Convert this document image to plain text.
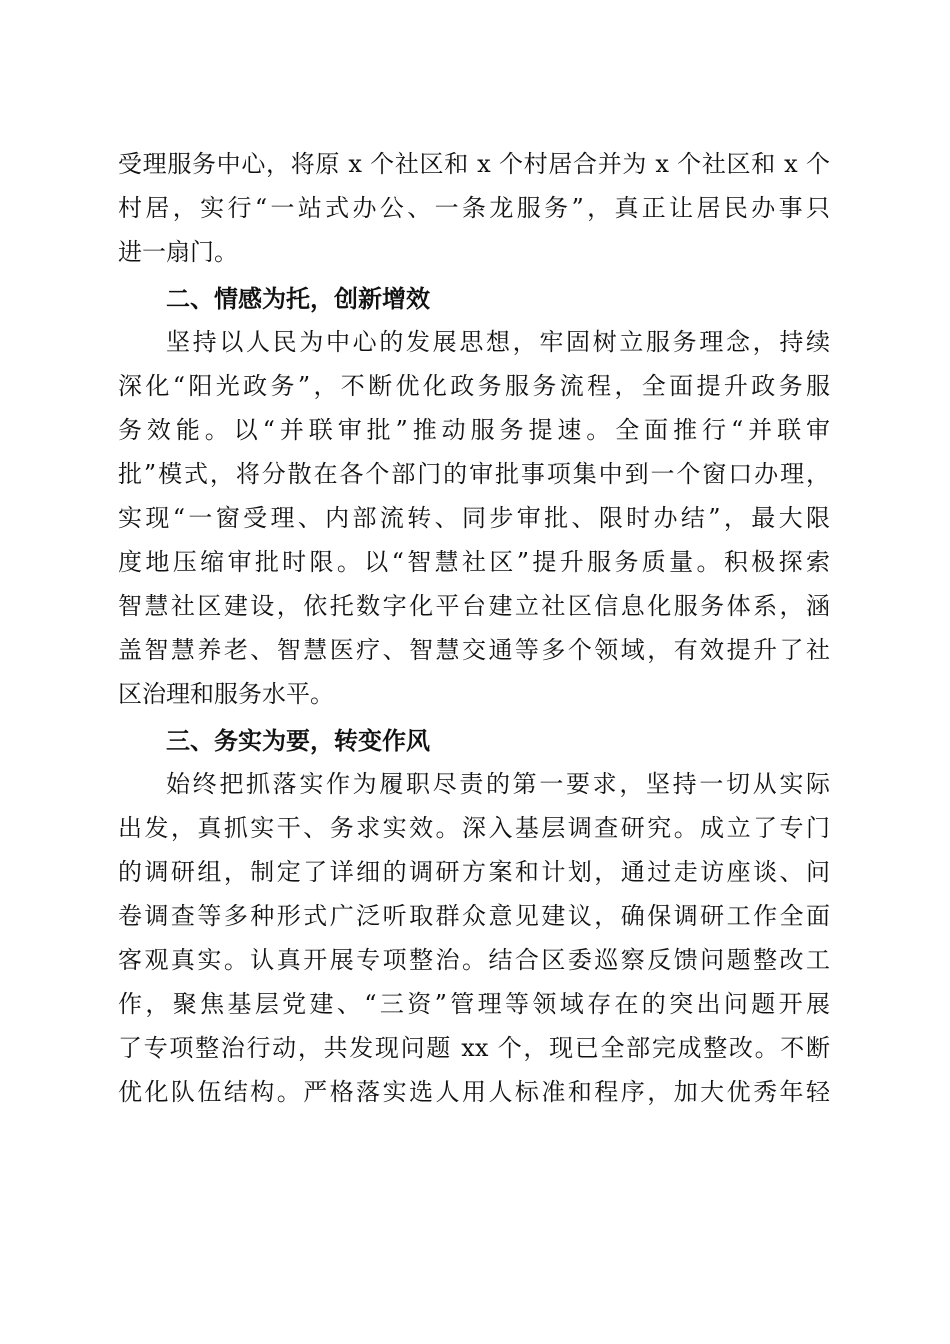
受理服务中心，将原 x 个社区和 x 个村居合并为 x 个社区和 x 个
村居，实行“一站式办公、一条龙服务”，真正让居民办事只
进一扇门。
二、情感为托，创新增效
坚持以人民为中心的发展思想，牢固树立服务理念，持续
深化“阳光政务”，不断优化政务服务流程，全面提升政务服
务效能。以“并联审批”推动服务提速。全面推行“并联审
批”模式，将分散在各个部门的审批事项集中到一个窗口办理，
实现“一窗受理、内部流转、同步审批、限时办结”，最大限
度地压缩审批时限。以“智慧社区”提升服务质量。积极探索
智慧社区建设，依托数字化平台建立社区信息化服务体系，涵
盖智慧养老、智慧医疗、智慧交通等多个领域，有效提升了社
区治理和服务水平。
三、务实为要，转变作风
始终把抓落实作为履职尽责的第一要求，坚持一切从实际
出发，真抓实干、务求实效。深入基层调查研究。成立了专门
的调研组，制定了详细的调研方案和计划，通过走访座谈、问
卷调查等多种形式广泛听取群众意见建议，确保调研工作全面
客观真实。认真开展专项整治。结合区委巡察反馈问题整改工
作，聚焦基层党建、“三资”管理等领域存在的突出问题开展
了专项整治行动，共发现问题 xx 个，现已全部完成整改。不断
优化队伍结构。严格落实选人用人标准和程序，加大优秀年轻
